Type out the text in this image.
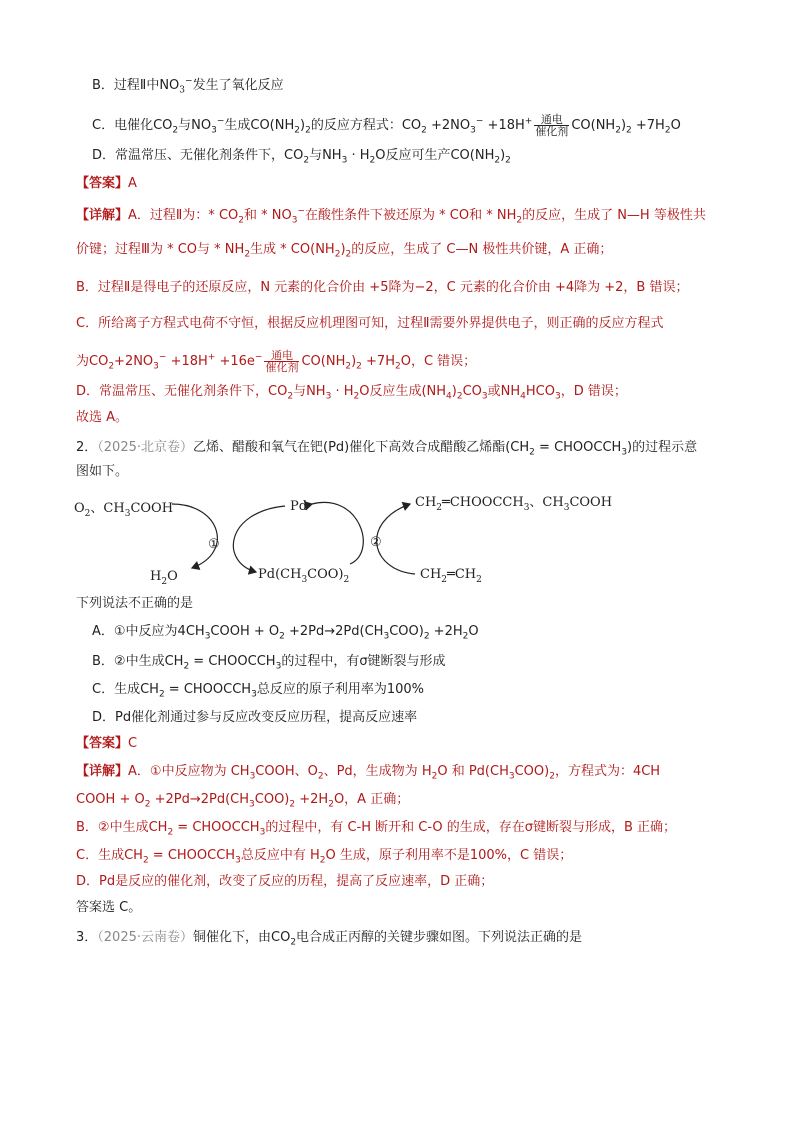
B．过程Ⅱ中$NO_3^-$发生了氧化反应
C．电催化$CO_2$与$NO_3^-$生成$CO(NH_2)_2$的反应方程式：$CO_2 +2NO_3^- +18H^+ \frac{\text{通电}}{\text{催化剂}} CO(NH_2)_2 +7H_2O$
D．常温常压、无催化剂条件下，$CO_2$与$NH_3 \cdot H_2O$反应可生产$CO(NH_2)_2$
【答案】A
【详解】A．过程Ⅱ为：* $CO_2$和 * $NO_3^-$在酸性条件下被还原为 * CO和 * $NH_2$的反应，生成了 N—H 等极性共
价键；过程Ⅲ为 * CO与 * $NH_2$生成 * $CO(NH_2)_2$的反应，生成了 C—N 极性共价键，A 正确；
B．过程Ⅱ是得电子的还原反应，N 元素的化合价由 +5降为−2，C 元素的化合价由 +4降为 +2，B 错误；
C．所给离子方程式电荷不守恒，根据反应机理图可知，过程Ⅱ需要外界提供电子，则正确的反应方程式
为$CO_2+2NO_3^- +18H^+ +16e^- \frac{\text{通电}}{\text{催化剂}} CO(NH_2)_2 +7H_2O$，C 错误；
D．常温常压、无催化剂条件下，$CO_2$与$NH_3 \cdot H_2O$反应生成$(NH_4)_2CO_3$或$NH_4HCO_3$，D 错误；
故选 A。
2．（2025·北京卷）乙烯、醋酸和氧气在钯(Pd)催化下高效合成醋酸乙烯酯($CH_2$ = $CHOOCCH_3$)的过程示意
图如下。
$O_2$、$CH_3COOH$	Pd
$H_2O$	$Pd(CH_3COO)_2$
①	②
$CH_2═CHOOCCH_3$、$CH_3COOH$
$CH_2═CH_2$
下列说法不正确的是
A．①中反应为$4CH_3COOH + O_2 +2Pd\to 2Pd(CH_3COO)_2 +2H_2O$
B．②中生成$CH_2$ = $CHOOCCH_3$的过程中，有σ键断裂与形成
C．生成$CH_2$ = $CHOOCCH_3$总反应的原子利用率为100%
D．Pd催化剂通过参与反应改变反应历程，提高反应速率
【答案】C
【详解】A．①中反应物为 $CH_3COOH$、$O_2$、Pd，生成物为 $H_2O$ 和 $Pd(CH_3COO)_2$，方程式为：4CH
COOH + $O_2 +2Pd\to 2Pd(CH_3COO)_2 +2H_2O$，A 正确；
B．②中生成$CH_2$ = $CHOOCCH_3$的过程中，有 C-H 断开和 C-O 的生成，存在σ键断裂与形成，B 正确；
C．生成$CH_2$ = $CHOOCCH_3$总反应中有 $H_2O$ 生成，原子利用率不是100%，C 错误；
D．Pd是反应的催化剂，改变了反应的历程，提高了反应速率，D 正确；
答案选 C。
3．（2025·云南卷）铜催化下，由$CO_2$电合成正丙醇的关键步骤如图。下列说法正确的是
